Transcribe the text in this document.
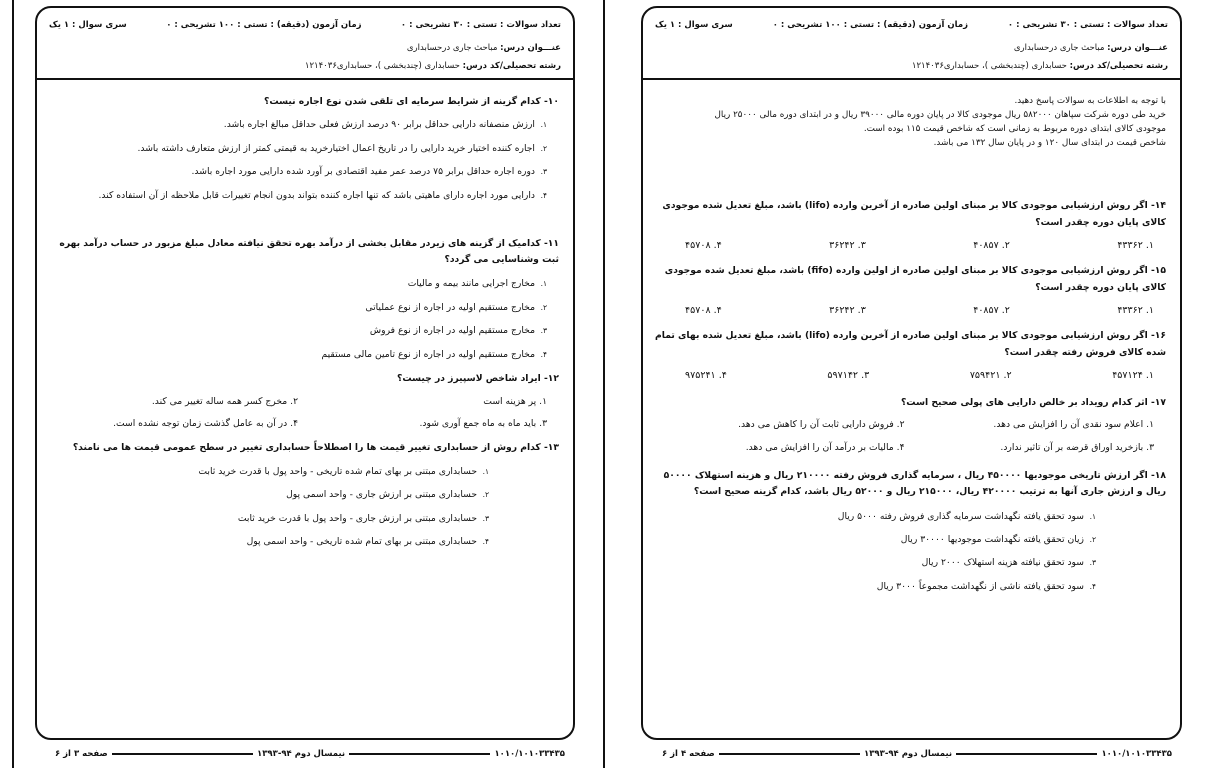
تعداد سوالات : تستی : ۳۰ تشریحی : ۰
زمان آزمون (دقیقه) : تستی : ۱۰۰ تشریحی : ۰
سری سوال : ۱ یک
عنـــوان درس: مباحث جاری درحسابداری
رشته تحصیلی/کد درس: حسابداری (چندبخشی )، حسابداری۱۲۱۴۰۳۶
۱۰- کدام گزینه از شرایط سرمایه ای تلقی شدن نوع اجاره نیست؟
۱.ارزش منصفانه دارایی حداقل برابر ۹۰ درصد ارزش فعلی حداقل مبالغ اجاره باشد.
۲.اجاره کننده اختیار خرید دارایی را در تاریخ اعمال اختیارخرید به قیمتی کمتر از ارزش متعارف داشته باشد.
۳.دوره اجاره حداقل برابر ۷۵ درصد عمر مفید اقتصادی بر آورد شده دارایی مورد اجاره باشد.
۴.دارایی مورد اجاره دارای ماهیتی باشد که تنها اجاره کننده بتواند بدون انجام تغییرات قابل ملاحظه از آن استفاده کند.
۱۱- کدامیک از گزینه های زیردر مقابل بخشی از درآمد بهره تحقق نیافته معادل مبلغ مزبور در حساب درآمد بهره ثبت وشناسایی می گردد؟
۱.مخارج اجرایی مانند بیمه و مالیات
۲.مخارج مستقیم اولیه در اجاره از نوع عملیاتی
۳.مخارج مستقیم اولیه در اجاره از نوع فروش
۴.مخارج مستقیم اولیه در اجاره از نوع تامین مالی مستقیم
۱۲- ایراد شاخص لاسپیرز در چیست؟
۱. پر هزینه است
۲. مخرج کسر همه ساله تغییر می کند.
۳. باید ماه به ماه جمع آوری شود.
۴. در آن به عامل گذشت زمان توجه نشده است.
۱۳- کدام روش از حسابداری تغییر قیمت ها را اصطلاحاً حسابداری تغییر در سطح عمومی قیمت ها می نامند؟
۱.حسابداری مبتنی بر بهای تمام شده تاریخی - واحد پول با قدرت خرید ثابت
۲.حسابداری مبتنی بر ارزش جاری - واحد اسمی پول
۳.حسابداری مبتنی بر ارزش جاری - واحد پول با قدرت خرید ثابت
۴.حسابداری مبتنی بر بهای تمام شده تاریخی - واحد اسمی پول
۱۰۱۰/۱۰۱۰۳۳۴۳۵
نیمسال دوم ۹۴-۱۳۹۳
صفحه ۳ از ۶
تعداد سوالات : تستی : ۳۰ تشریحی : ۰
زمان آزمون (دقیقه) : تستی : ۱۰۰ تشریحی : ۰
سری سوال : ۱ یک
عنـــوان درس: مباحث جاری درحسابداری
رشته تحصیلی/کد درس: حسابداری (چندبخشی )، حسابداری۱۲۱۴۰۳۶
با توجه به اطلاعات به سوالات پاسخ دهید.
خرید طی دوره شرکت سپاهان ۵۸۲۰۰۰ ریال موجودی کالا در پایان دوره مالی ۳۹۰۰۰ ریال و در ابتدای دوره مالی ۲۵۰۰۰ ریال
موجودی کالای ابتدای دوره مربوط به زمانی است که شاخص قیمت ۱۱۵ بوده است.
شاخص قیمت در ابتدای سال ۱۲۰ و در پایان سال ۱۳۲ می باشد.
۱۴- اگر روش ارزشیابی موجودی کالا بر مبنای اولین صادره از آخرین وارده (lifo) باشد، مبلغ تعدیل شده موجودی کالای پایان دوره چقدر است؟
۱. ۴۳۳۶۲
۲. ۴۰۸۵۷
۳. ۳۶۲۴۲
۴. ۴۵۷۰۸
۱۵- اگر روش ارزشیابی موجودی کالا بر مبنای اولین صادره از اولین وارده (fifo) باشد، مبلغ تعدیل شده موجودی کالای پایان دوره چقدر است؟
۱. ۴۳۳۶۲
۲. ۴۰۸۵۷
۳. ۳۶۲۴۲
۴. ۴۵۷۰۸
۱۶- اگر روش ارزشیابی موجودی کالا بر مبنای اولین صادره از آخرین وارده (lifo) باشد، مبلغ تعدیل شده بهای تمام شده کالای فروش رفته چقدر است؟
۱. ۴۵۷۱۲۴
۲. ۷۵۹۴۲۱
۳. ۵۹۷۱۴۲
۴. ۹۷۵۲۴۱
۱۷- اثر کدام رویداد بر خالص دارایی های پولی صحیح است؟
۱. اعلام سود نقدی آن را افزایش می دهد.
۲. فروش دارایی ثابت آن را کاهش می دهد.
۳. بازخرید اوراق قرضه بر آن تاثیر ندارد.
۴. مالیات بر درآمد آن را افزایش می دهد.
۱۸- اگر ارزش تاریخی موجودیها ۴۵۰۰۰۰ ریال ، سرمایه گذاری فروش رفته ۲۱۰۰۰۰ ریال و هزینه استهلاک ۵۰۰۰۰ ریال و ارزش جاری آنها به ترتیب ۴۲۰۰۰۰ ریال، ۲۱۵۰۰۰ ریال و ۵۲۰۰۰ ریال باشد، کدام گزینه صحیح است؟
۱.سود تحقق یافته نگهداشت سرمایه گذاری فروش رفته ۵۰۰۰ ریال
۲.زیان تحقق یافته نگهداشت موجودیها ۳۰۰۰۰ ریال
۳.سود تحقق نیافته هزینه استهلاک ۲۰۰۰ ریال
۴.سود تحقق یافته ناشی از نگهداشت مجموعاً ۳۰۰۰ ریال
۱۰۱۰/۱۰۱۰۳۳۴۳۵
نیمسال دوم ۹۴-۱۳۹۳
صفحه ۴ از ۶
